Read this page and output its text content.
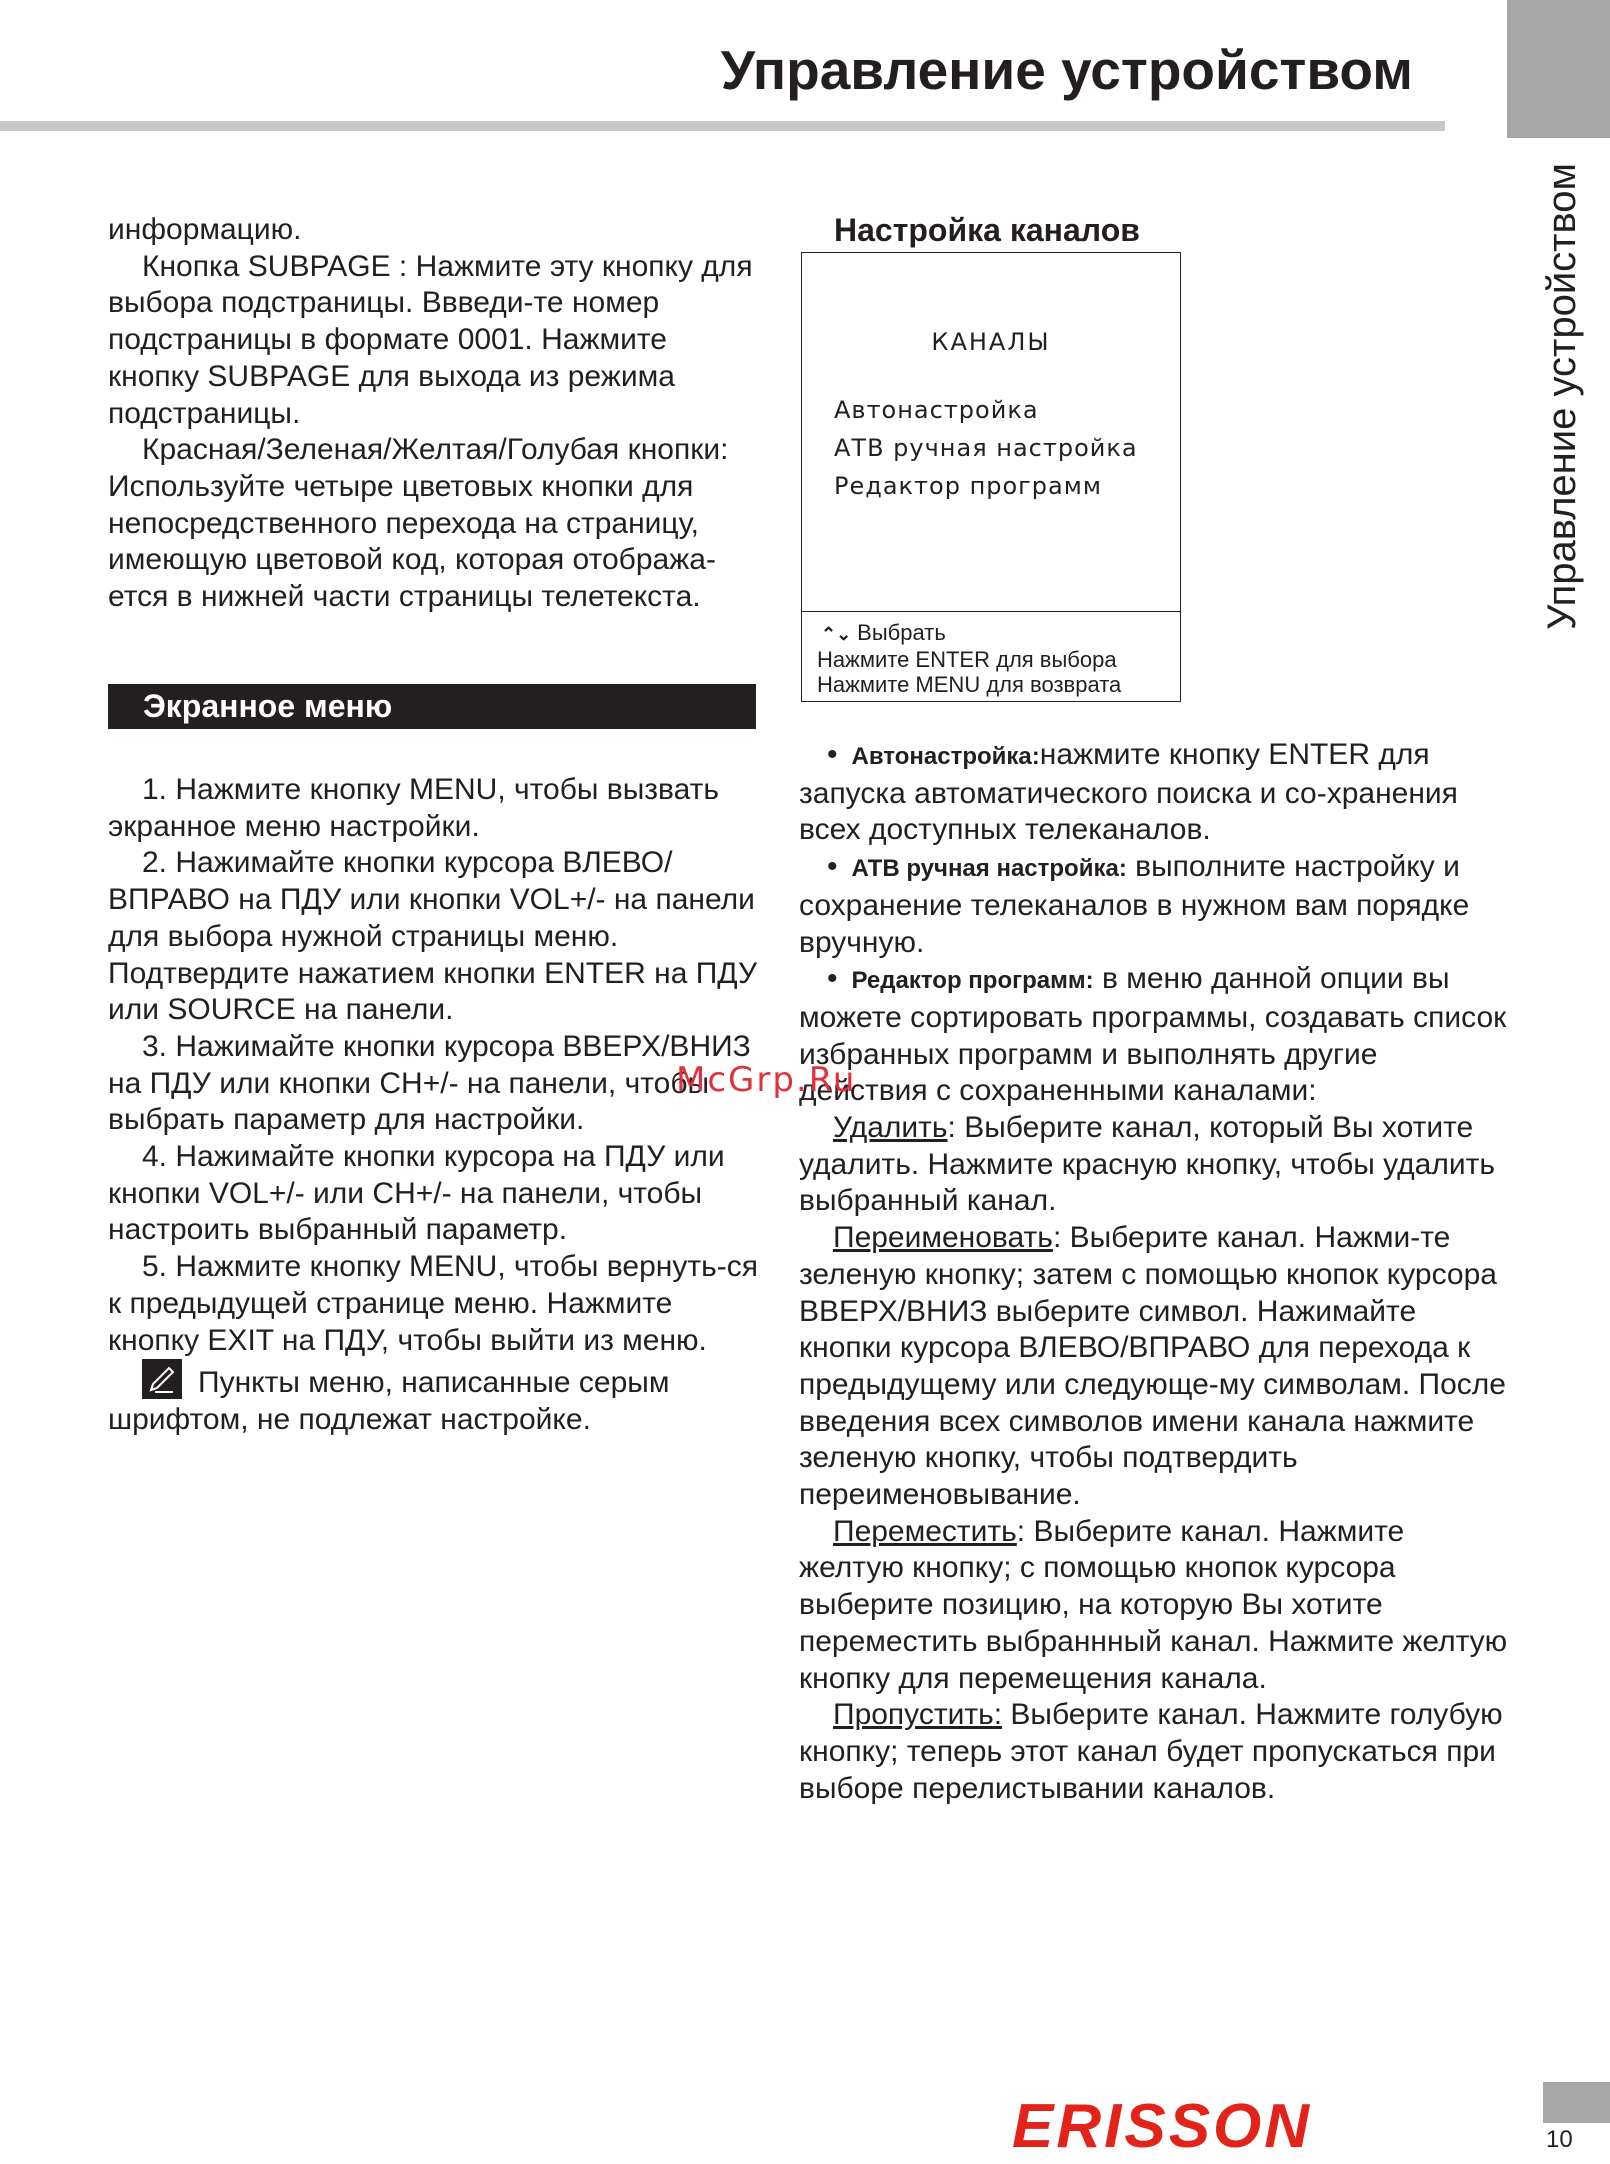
Управление устройством
Управление устройством

информацию.

Кнопка SUBPAGE : Нажмите эту кнопку для выбора подстраницы. Ввведи-те номер подстраницы в формате 0001. Нажмите кнопку SUBPAGE для выхода из режима подстраницы.

Красная/Зеленая/Желтая/Голубая кнопки: Используйте четыре цветовых кнопки для непосредственного перехода на страницу, имеющую цветовой код, которая отобража-ется в нижней части страницы телетекста.

Экранное меню

1. Нажмите кнопку MENU, чтобы вызвать экранное меню настройки.

2. Нажимайте кнопки курсора ВЛЕВО/ВПРАВО на ПДУ или кнопки VOL+/- на панели для выбора нужной страницы меню. Подтвердите нажатием кнопки ENTER на ПДУ или SOURCE на панели.

3. Нажимайте кнопки курсора ВВЕРХ/ВНИЗ на ПДУ или кнопки CH+/- на панели, чтобы выбрать параметр для настройки.

4. Нажимайте кнопки курсора на ПДУ или кнопки VOL+/- или CH+/- на панели, чтобы настроить выбранный параметр.

5. Нажмите кнопку MENU, чтобы вернуть-ся к предыдущей странице меню. Нажмите кнопку EXIT на ПДУ, чтобы выйти из меню.

Пункты меню, написанные серым шрифтом, не подлежат настройке.

Настройка каналов
КАНАЛЫ
Автонастройка
АТВ ручная настройка
Редактор программ
⌃⌄ Выбрать
Нажмите ENTER для выбора
Нажмите MENU для возврата

• Автонастройка:нажмите кнопку ENTER для запуска автоматического поиска и со-хранения всех доступных телеканалов.

• АТВ ручная настройка: выполните настройку и сохранение телеканалов в нужном вам порядке вручную.

• Редактор программ: в меню данной опции вы можете сортировать программы, создавать список избранных программ и выполнять другие действия с сохраненными каналами:

Удалить: Выберите канал, который Вы хотите удалить. Нажмите красную кнопку, чтобы удалить выбранный канал.

Переименовать: Выберите канал. Нажми-те зеленую кнопку; затем с помощью кнопок курсора ВВЕРХ/ВНИЗ выберите символ. Нажимайте кнопки курсора ВЛЕВО/ВПРАВО для перехода к предыдущему или следующе-му символам. После введения всех символов имени канала нажмите зеленую кнопку, чтобы подтвердить переименовывание.

Переместить: Выберите канал. Нажмите желтую кнопку; с помощью кнопок курсора выберите позицию, на которую Вы хотите переместить выбраннный канал. Нажмите желтую кнопку для перемещения канала.

Пропустить: Выберите канал. Нажмите голубую кнопку; теперь этот канал будет пропускаться при выборе перелистывании каналов.

McGrp.Ru
ERISSON	10
